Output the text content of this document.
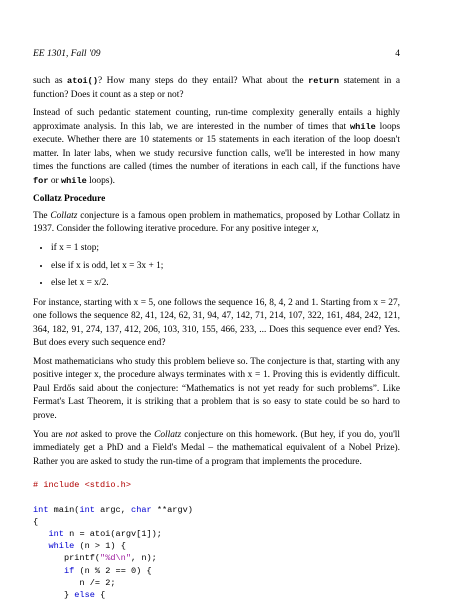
EE 1301, Fall '09	4

such as atoi()? How many steps do they entail? What about the return statement in a function? Does it count as a step or not?

Instead of such pedantic statement counting, run-time complexity generally entails a highly approximate analysis. In this lab, we are interested in the number of times that while loops execute. Whether there are 10 statements or 15 statements in each iteration of the loop doesn't matter. In later labs, when we study recursive function calls, we'll be interested in how many times the functions are called (times the number of iterations in each call, if the functions have for or while loops).

Collatz Procedure

The Collatz conjecture is a famous open problem in mathematics, proposed by Lothar Collatz in 1937. Consider the following iterative procedure. For any positive integer x,

• if x = 1 stop;
• else if x is odd, let x = 3x + 1;
• else let x = x/2.

For instance, starting with x = 5, one follows the sequence 16, 8, 4, 2 and 1. Starting from x = 27, one follows the sequence 82, 41, 124, 62, 31, 94, 47, 142, 71, 214, 107, 322, 161, 484, 242, 121, 364, 182, 91, 274, 137, 412, 206, 103, 310, 155, 466, 233, ... Does this sequence ever end? Yes. But does every such sequence end?

Most mathematicians who study this problem believe so. The conjecture is that, starting with any positive integer x, the procedure always terminates with x = 1. Proving this is evidently difficult. Paul Erdős said about the conjecture: “Mathematics is not yet ready for such problems”. Like Fermat's Last Theorem, it is striking that a problem that is so easy to state could be so hard to prove.

You are not asked to prove the Collatz conjecture on this homework. (But hey, if you do, you'll immediately get a PhD and a Field's Medal – the mathematical equivalent of a Nobel Prize). Rather you are asked to study the run-time of a program that implements the procedure.

# include <stdio.h>

int main(int argc, char **argv)
{
int n = atoi(argv[1]);
while (n > 1) {
printf("%d\n", n);
if (n % 2 == 0) {
n /= 2;
} else {
